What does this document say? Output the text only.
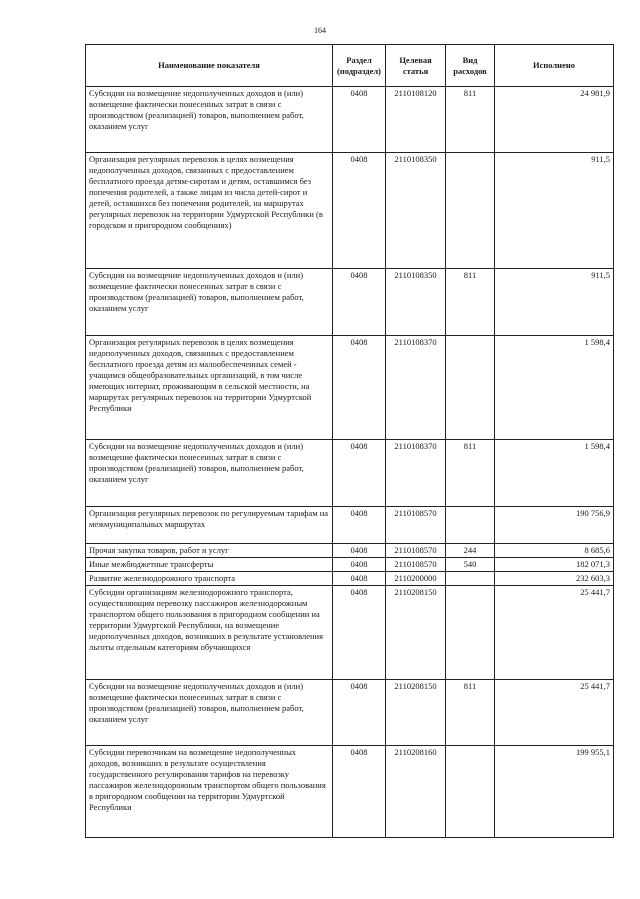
164
Наименование показателя	Раздел (подраздел)	Целевая статья	Вид расходов	Исполнено
Субсидии на возмещение недополученных доходов и (или) возмещение фактически понесенных затрат в связи с производством (реализацией) товаров, выполнением работ, оказанием услуг	0408	2110108120	811	24 981,9
Организация регулярных перевозок в целях возмещения недополученных доходов, связанных с предоставлением бесплатного проезда детям-сиротам и детям, оставшимся без попечения родителей, а также лицам из числа детей-сирот и детей, оставшихся без попечения родителей, на маршрутах регулярных перевозок на территории Удмуртской Республики (в городском и пригородном сообщениях)	0408	2110108350		911,5
Субсидии на возмещение недополученных доходов и (или) возмещение фактически понесенных затрат в связи с производством (реализацией) товаров, выполнением работ, оказанием услуг	0408	2110108350	811	911,5
Организация регулярных перевозок в целях возмещения недополученных доходов, связанных с предоставлением бесплатного проезда детям из малообеспеченных семей - учащимся общеобразовательных организаций, в том числе имеющих интернат, проживающим в сельской местности, на маршрутах регулярных перевозок на территории Удмуртской Республики	0408	2110108370		1 598,4
Субсидии на возмещение недополученных доходов и (или) возмещение фактически понесенных затрат в связи с производством (реализацией) товаров, выполнением работ, оказанием услуг	0408	2110108370	811	1 598,4
Организация регулярных перевозок по регулируемым тарифам на межмуниципальных маршрутах	0408	2110108570		190 756,9
Прочая закупка товаров, работ и услуг	0408	2110108570	244	8 685,6
Иные межбюджетные трансферты	0408	2110108570	540	182 071,3
Развитие железнодорожного транспорта	0408	2110200000		232 603,3
Субсидии организациям железнодорожного транспорта, осуществляющим перевозку пассажиров железнодорожным транспортом общего пользования в пригородном сообщении на территории Удмуртской Республики, на возмещение недополученных доходов, возникших в результате установления льготы отдельным категориям обучающихся	0408	2110208150		25 441,7
Субсидии на возмещение недополученных доходов и (или) возмещение фактически понесенных затрат в связи с производством (реализацией) товаров, выполнением работ, оказанием услуг	0408	2110208150	811	25 441,7
Субсидии перевозчикам на возмещение недополученных доходов, возникших в результате осуществления государственного регулирования тарифов на перевозку пассажиров железнодорожным транспортом общего пользования в пригородном сообщении на территории Удмуртской Республики	0408	2110208160		199 955,1
